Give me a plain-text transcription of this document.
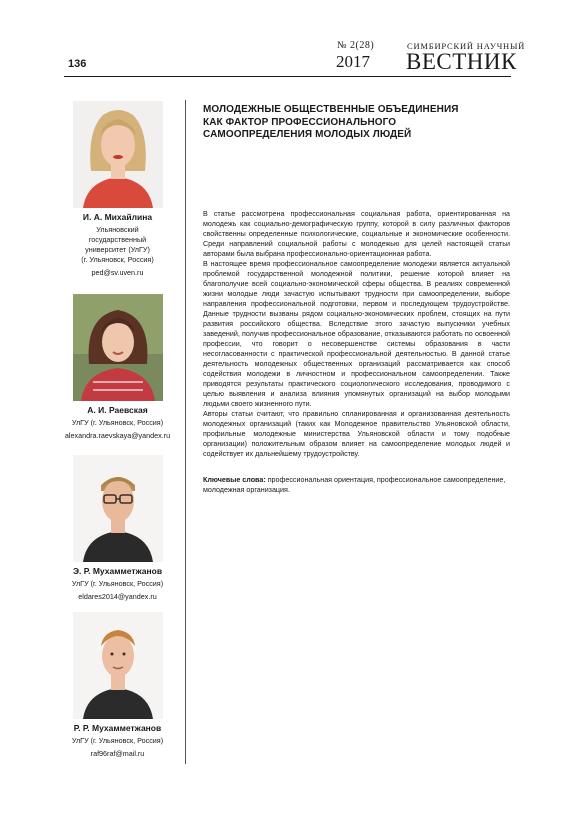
136
№ 2(28)
2017
СИМБИРСКИЙ НАУЧНЫЙ
ВЕСТНИК
И. А. Михайлина
Ульяновский
государственный
университет (УлГУ)
(г. Ульяновск, Россия)
ped@sv.uven.ru
А. И. Раевская
УлГУ (г. Ульяновск, Россия)
alexandra.raevskaya@yandex.ru
Э. Р. Мухамметжанов
УлГУ (г. Ульяновск, Россия)
eldares2014@yandex.ru
Р. Р. Мухамметжанов
УлГУ (г. Ульяновск, Россия)
raf96raf@mail.ru
МОЛОДЕЖНЫЕ ОБЩЕСТВЕННЫЕ ОБЪЕДИНЕНИЯ
КАК ФАКТОР ПРОФЕССИОНАЛЬНОГО
САМООПРЕДЕЛЕНИЯ МОЛОДЫХ ЛЮДЕЙ

В статье рассмотрена профессиональная социальная работа, ориентированная на молодежь как социально-демографическую группу, которой в силу различных факторов свойственны определенные психологические, социальные и экономические особенности. Среди направлений социальной работы с молодежью для целей настоящей статьи авторами была выбрана профессионально-ориентационная работа.

В настоящее время профессиональное самоопределение молодежи является актуальной проблемой государственной молодежной политики, решение которой влияет на благополучие всей социально-экономической сферы общества. В реалиях современной жизни молодые люди зачастую испытывают трудности при самоопределении, выборе направления профессиональной подготовки, первом и последующем трудоустройстве. Данные трудности вызваны рядом социально-экономических проблем, стоящих на пути развития российского общества. Вследствие этого зачастую выпускники учебных заведений, получив профессиональное образование, отказываются работать по освоенной профессии, что говорит о несовершенстве системы образования в части несогласованности с практической профессиональной деятельностью. В данной статье деятельность молодежных общественных организаций рассматривается как способ содействия молодежи в личностном и профессиональном самоопределении. Также приводятся результаты практического социологического исследования, проводимого с целью выявления и анализа влияния упомянутых организаций на выбор молодыми людьми своего жизненного пути.

Авторы статьи считают, что правильно спланированная и организованная деятельность молодежных организаций (таких как Молодежное правительство Ульяновской области, профильные молодежные министерства Ульяновской области и тому подобные организации) положительным образом влияет на самоопределение молодых людей и содействует их дальнейшему трудоустройству.

Ключевые слова: профессиональная ориентация, профессиональное самоопределение, молодежная организация.
